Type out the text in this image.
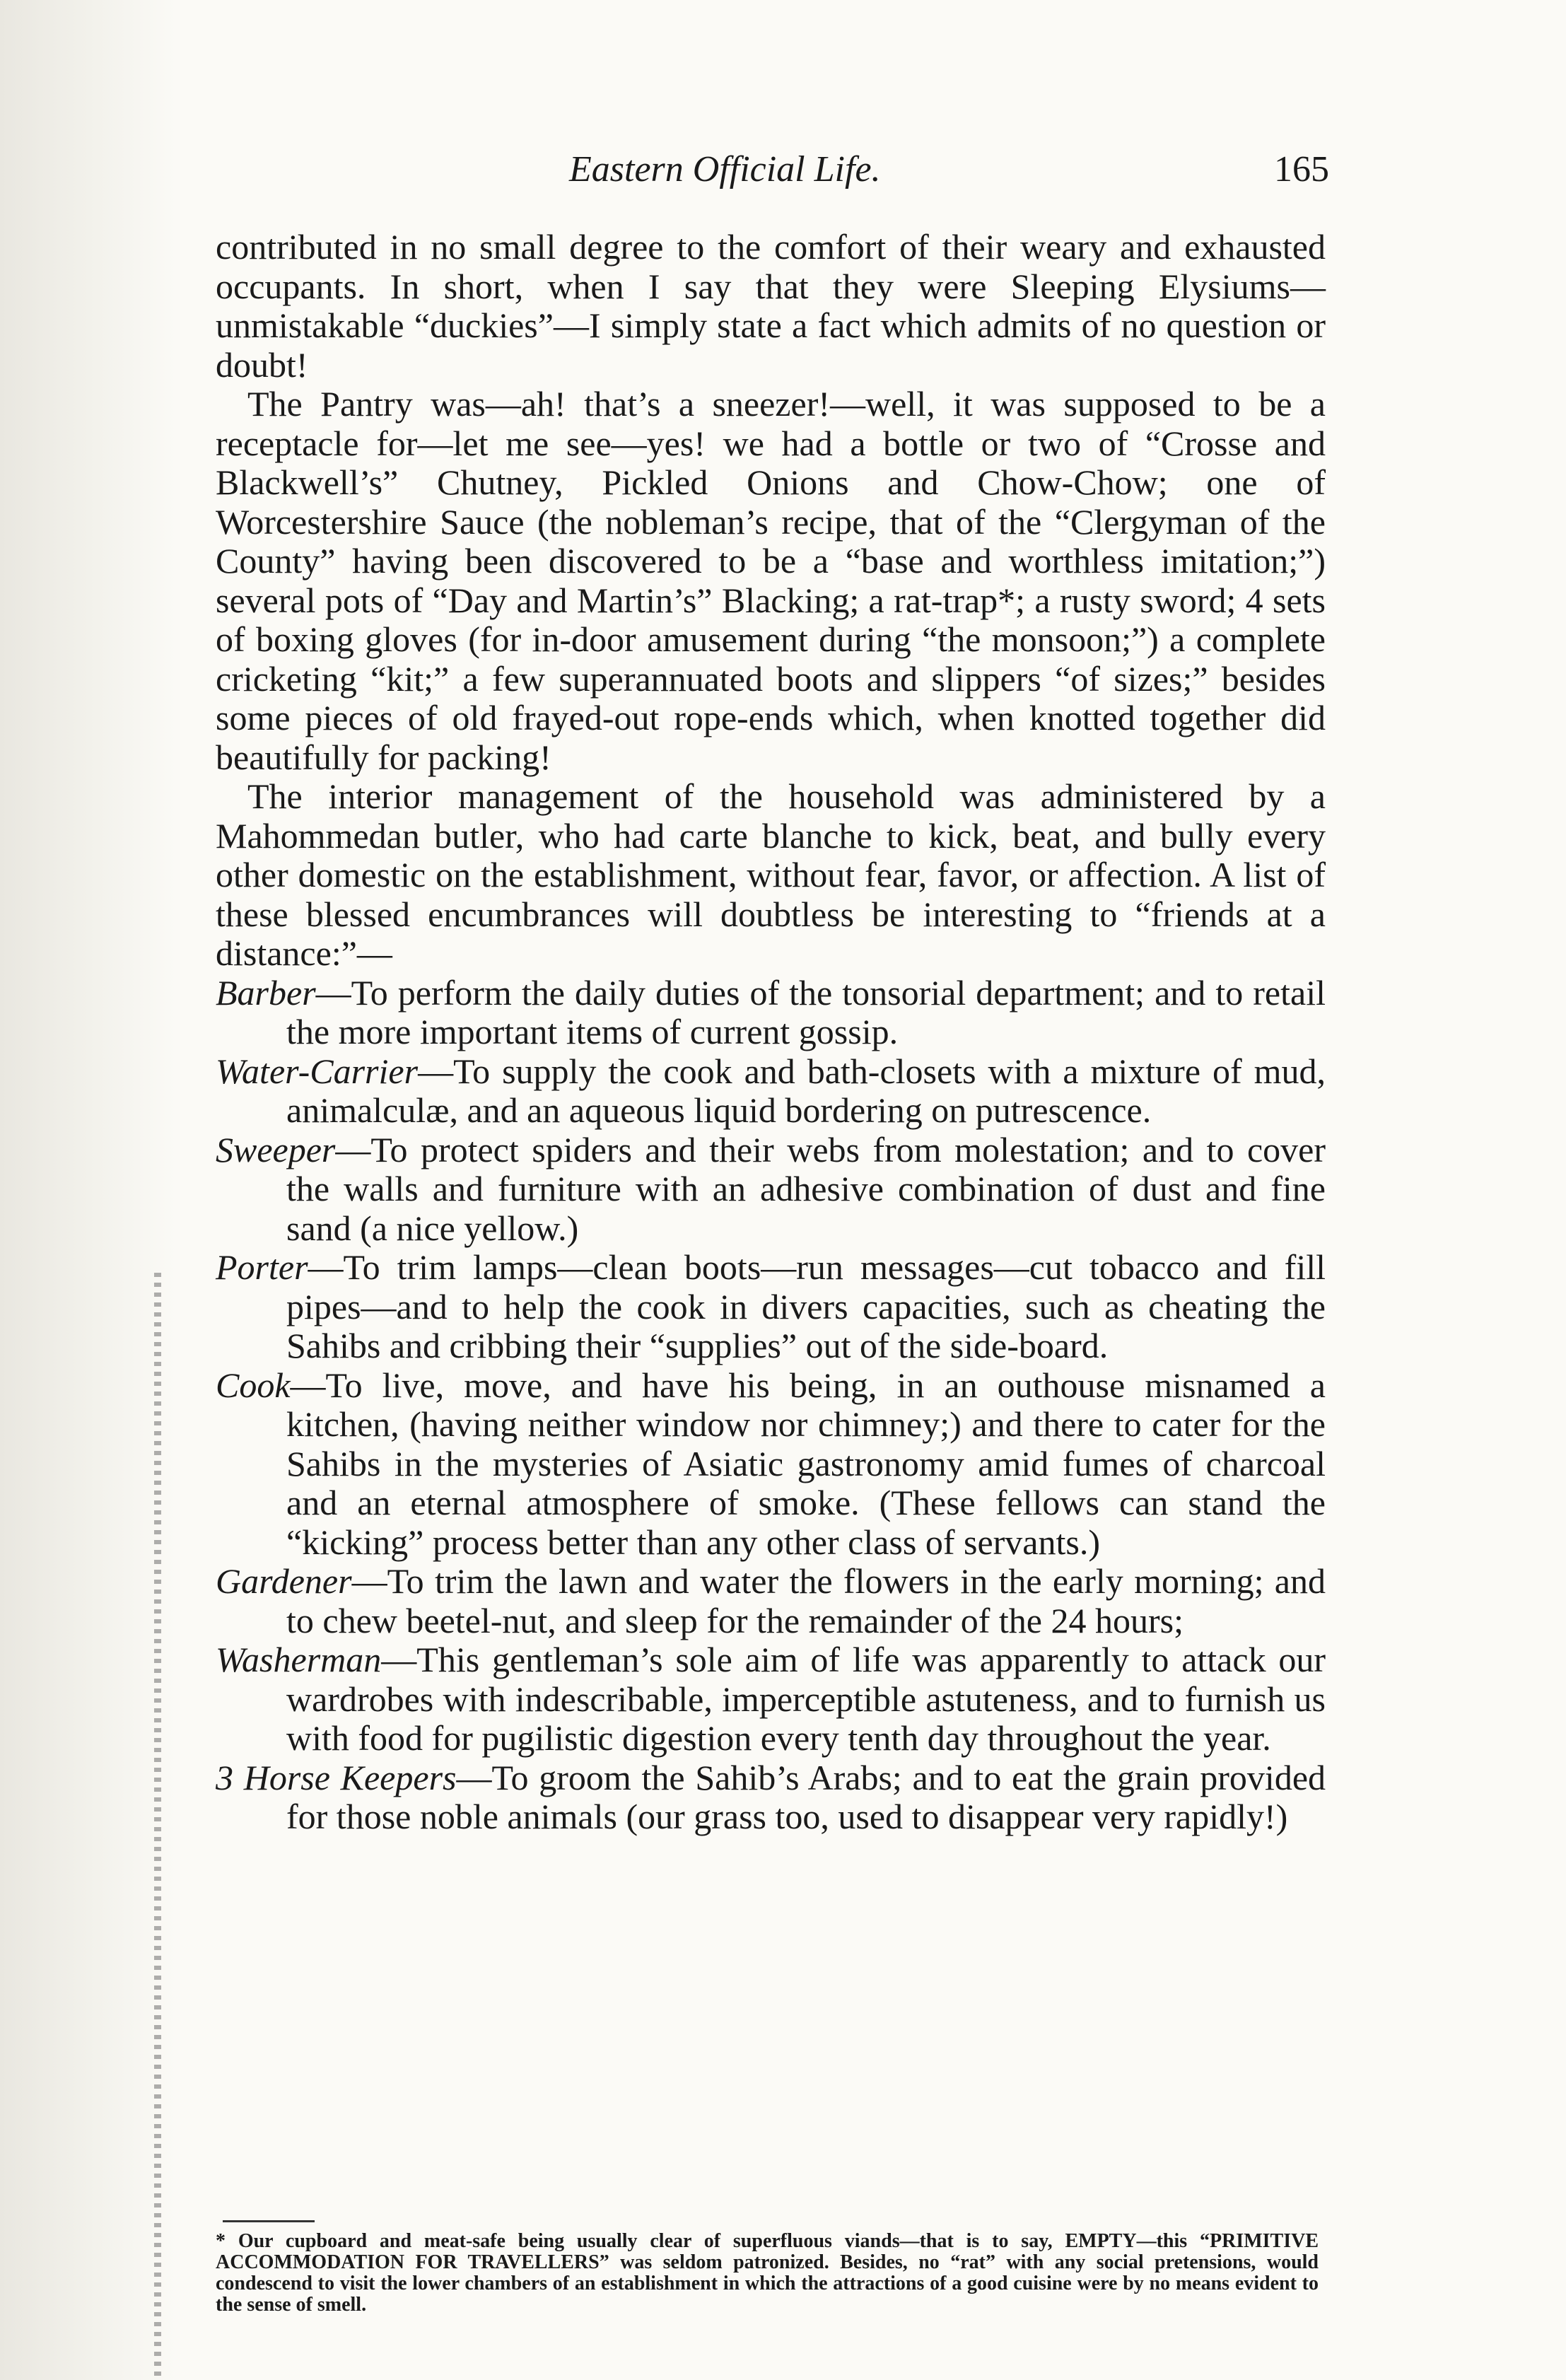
Eastern Official Life.	165

contributed in no small degree to the comfort of their weary and exhausted occupants. In short, when I say that they were Sleeping Elysiums—unmistakable “duckies”—I simply state a fact which admits of no question or doubt!

The Pantry was—ah! that’s a sneezer!—well, it was supposed to be a receptacle for—let me see—yes! we had a bottle or two of “Crosse and Blackwell’s” Chutney, Pickled Onions and Chow-Chow; one of Worcestershire Sauce (the nobleman’s recipe, that of the “Clergyman of the County” having been discovered to be a “base and worthless imitation;”) several pots of “Day and Martin’s” Blacking; a rat-trap*; a rusty sword; 4 sets of boxing gloves (for in-door amusement during “the monsoon;”) a complete cricketing “kit;” a few superannuated boots and slippers “of sizes;” besides some pieces of old frayed-out rope-ends which, when knotted together did beautifully for packing!

The interior management of the household was administered by a Mahommedan butler, who had carte blanche to kick, beat, and bully every other domestic on the establishment, without fear, favor, or affection. A list of these blessed encumbrances will doubtless be interesting to “friends at a distance:”—

Barber—To perform the daily duties of the tonsorial department; and to retail the more important items of current gossip.

Water-Carrier—To supply the cook and bath-closets with a mixture of mud, animalculæ, and an aqueous liquid bordering on putrescence.

Sweeper—To protect spiders and their webs from molestation; and to cover the walls and furniture with an adhesive combination of dust and fine sand (a nice yellow.)

Porter—To trim lamps—clean boots—run messages—cut tobacco and fill pipes—and to help the cook in divers capacities, such as cheating the Sahibs and cribbing their “supplies” out of the side-board.

Cook—To live, move, and have his being, in an outhouse misnamed a kitchen, (having neither window nor chimney;) and there to cater for the Sahibs in the mysteries of Asiatic gastronomy amid fumes of charcoal and an eternal atmosphere of smoke. (These fellows can stand the “kicking” process better than any other class of servants.)

Gardener—To trim the lawn and water the flowers in the early morning; and to chew beetel-nut, and sleep for the remainder of the 24 hours;

Washerman—This gentleman’s sole aim of life was apparently to attack our wardrobes with indescribable, imperceptible astuteness, and to furnish us with food for pugilistic digestion every tenth day throughout the year.

3 Horse Keepers—To groom the Sahib’s Arabs; and to eat the grain provided for those noble animals (our grass too, used to disappear very rapidly!)

* Our cupboard and meat-safe being usually clear of superfluous viands—that is to say, EMPTY—this “PRIMITIVE ACCOMMODATION FOR TRAVELLERS” was seldom patronized. Besides, no “rat” with any social pretensions, would condescend to visit the lower chambers of an establishment in which the attractions of a good cuisine were by no means evident to the sense of smell.
